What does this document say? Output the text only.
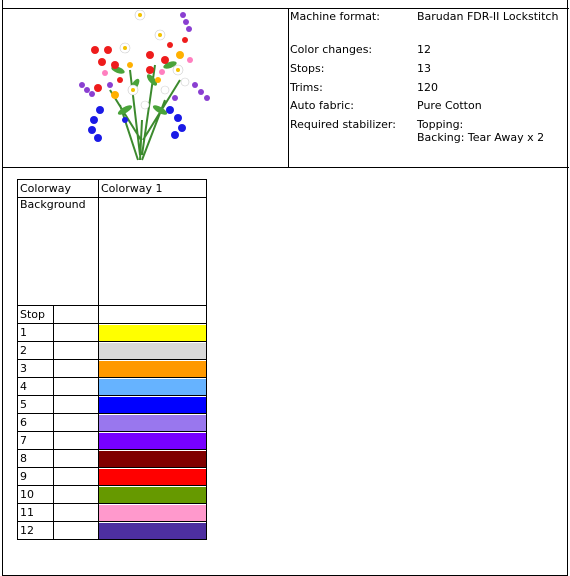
Machine format:	Barudan FDR-II Lockstitch
Color changes:	12
Stops:	13
Trims:	120
Auto fabric:	Pure Cotton
Required stabilizer:	Topping:
Backing: Tear Away x 2
Colorway		Colorway 1
Background		
Stop		
1		

2		

3		

4		

5		

6		

7		

8		

9		

10		

11		

12		
